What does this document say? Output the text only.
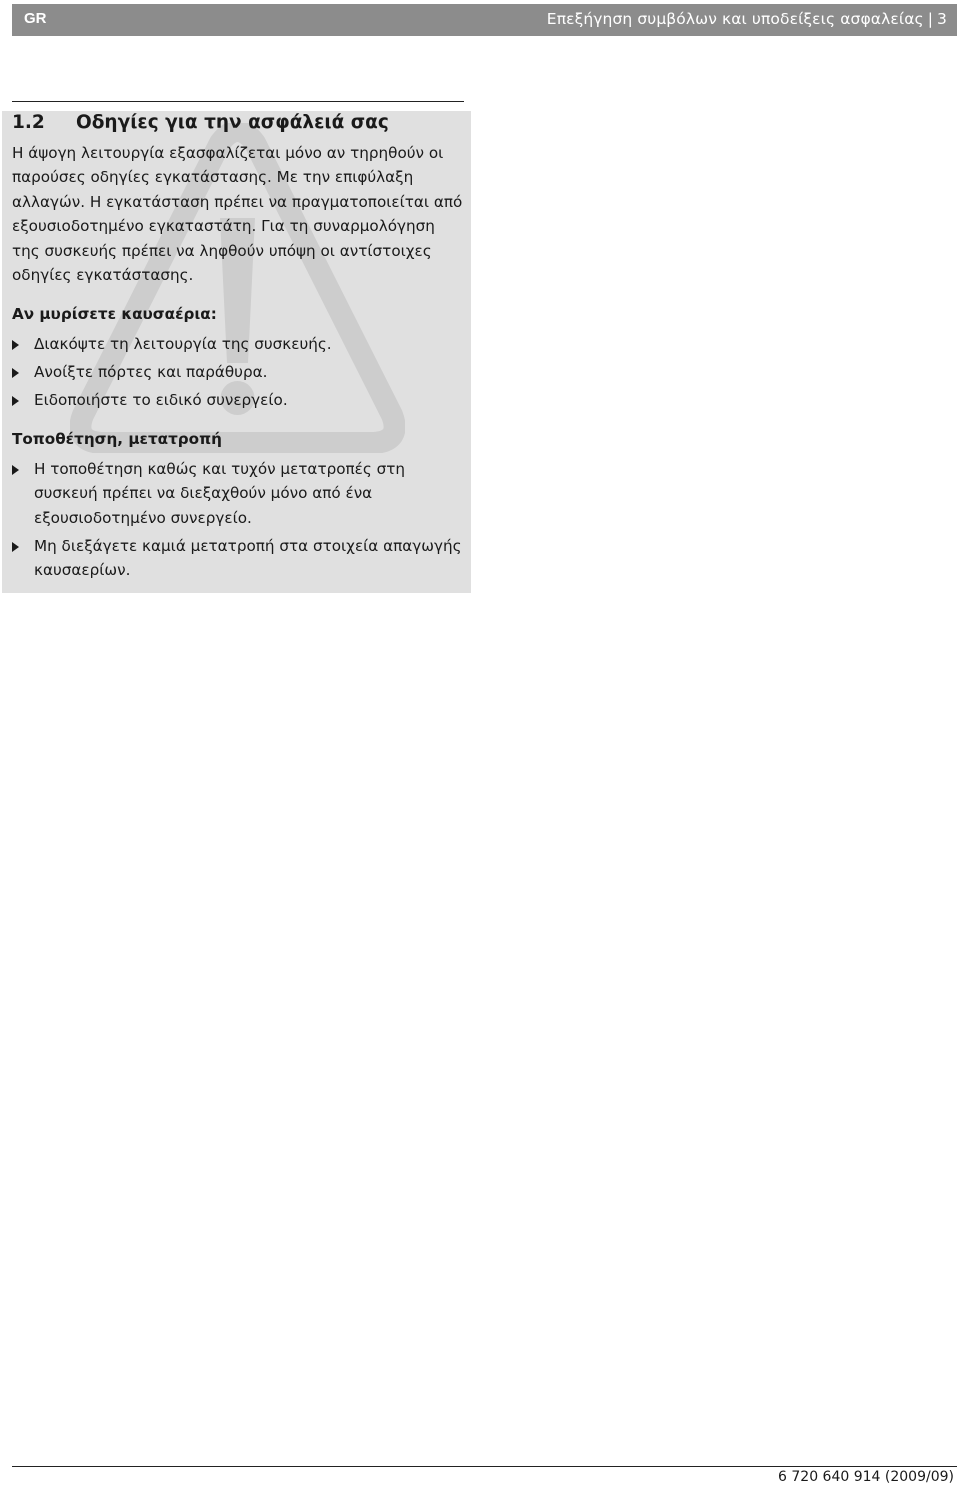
GR	Επεξήγηση συμβόλων και υποδείξεις ασφαλείας | 3
1.2 Οδηγίες για την ασφάλειά σας
Η άψογη λειτουργία εξασφαλίζεται μόνο αν τηρηθούν οι
παρούσες οδηγίες εγκατάστασης. Με την επιφύλαξη
αλλαγών. Η εγκατάσταση πρέπει να πραγματοποιείται από
εξουσιοδοτημένο εγκαταστάτη. Για τη συναρμολόγηση
της συσκευής πρέπει να ληφθούν υπόψη οι αντίστοιχες
οδηγίες εγκατάστασης.
Αν μυρίσετε καυσαέρια:
Διακόψτε τη λειτουργία της συσκευής.
Ανοίξτε πόρτες και παράθυρα.
Ειδοποιήστε το ειδικό συνεργείο.
Τοποθέτηση, μετατροπή
Η τοποθέτηση καθώς και τυχόν μετατροπές στη
συσκευή πρέπει να διεξαχθούν μόνο από ένα
εξουσιοδοτημένο συνεργείο.
Μη διεξάγετε καμιά μετατροπή στα στοιχεία απαγωγής
καυσαερίων.
6 720 640 914 (2009/09)
